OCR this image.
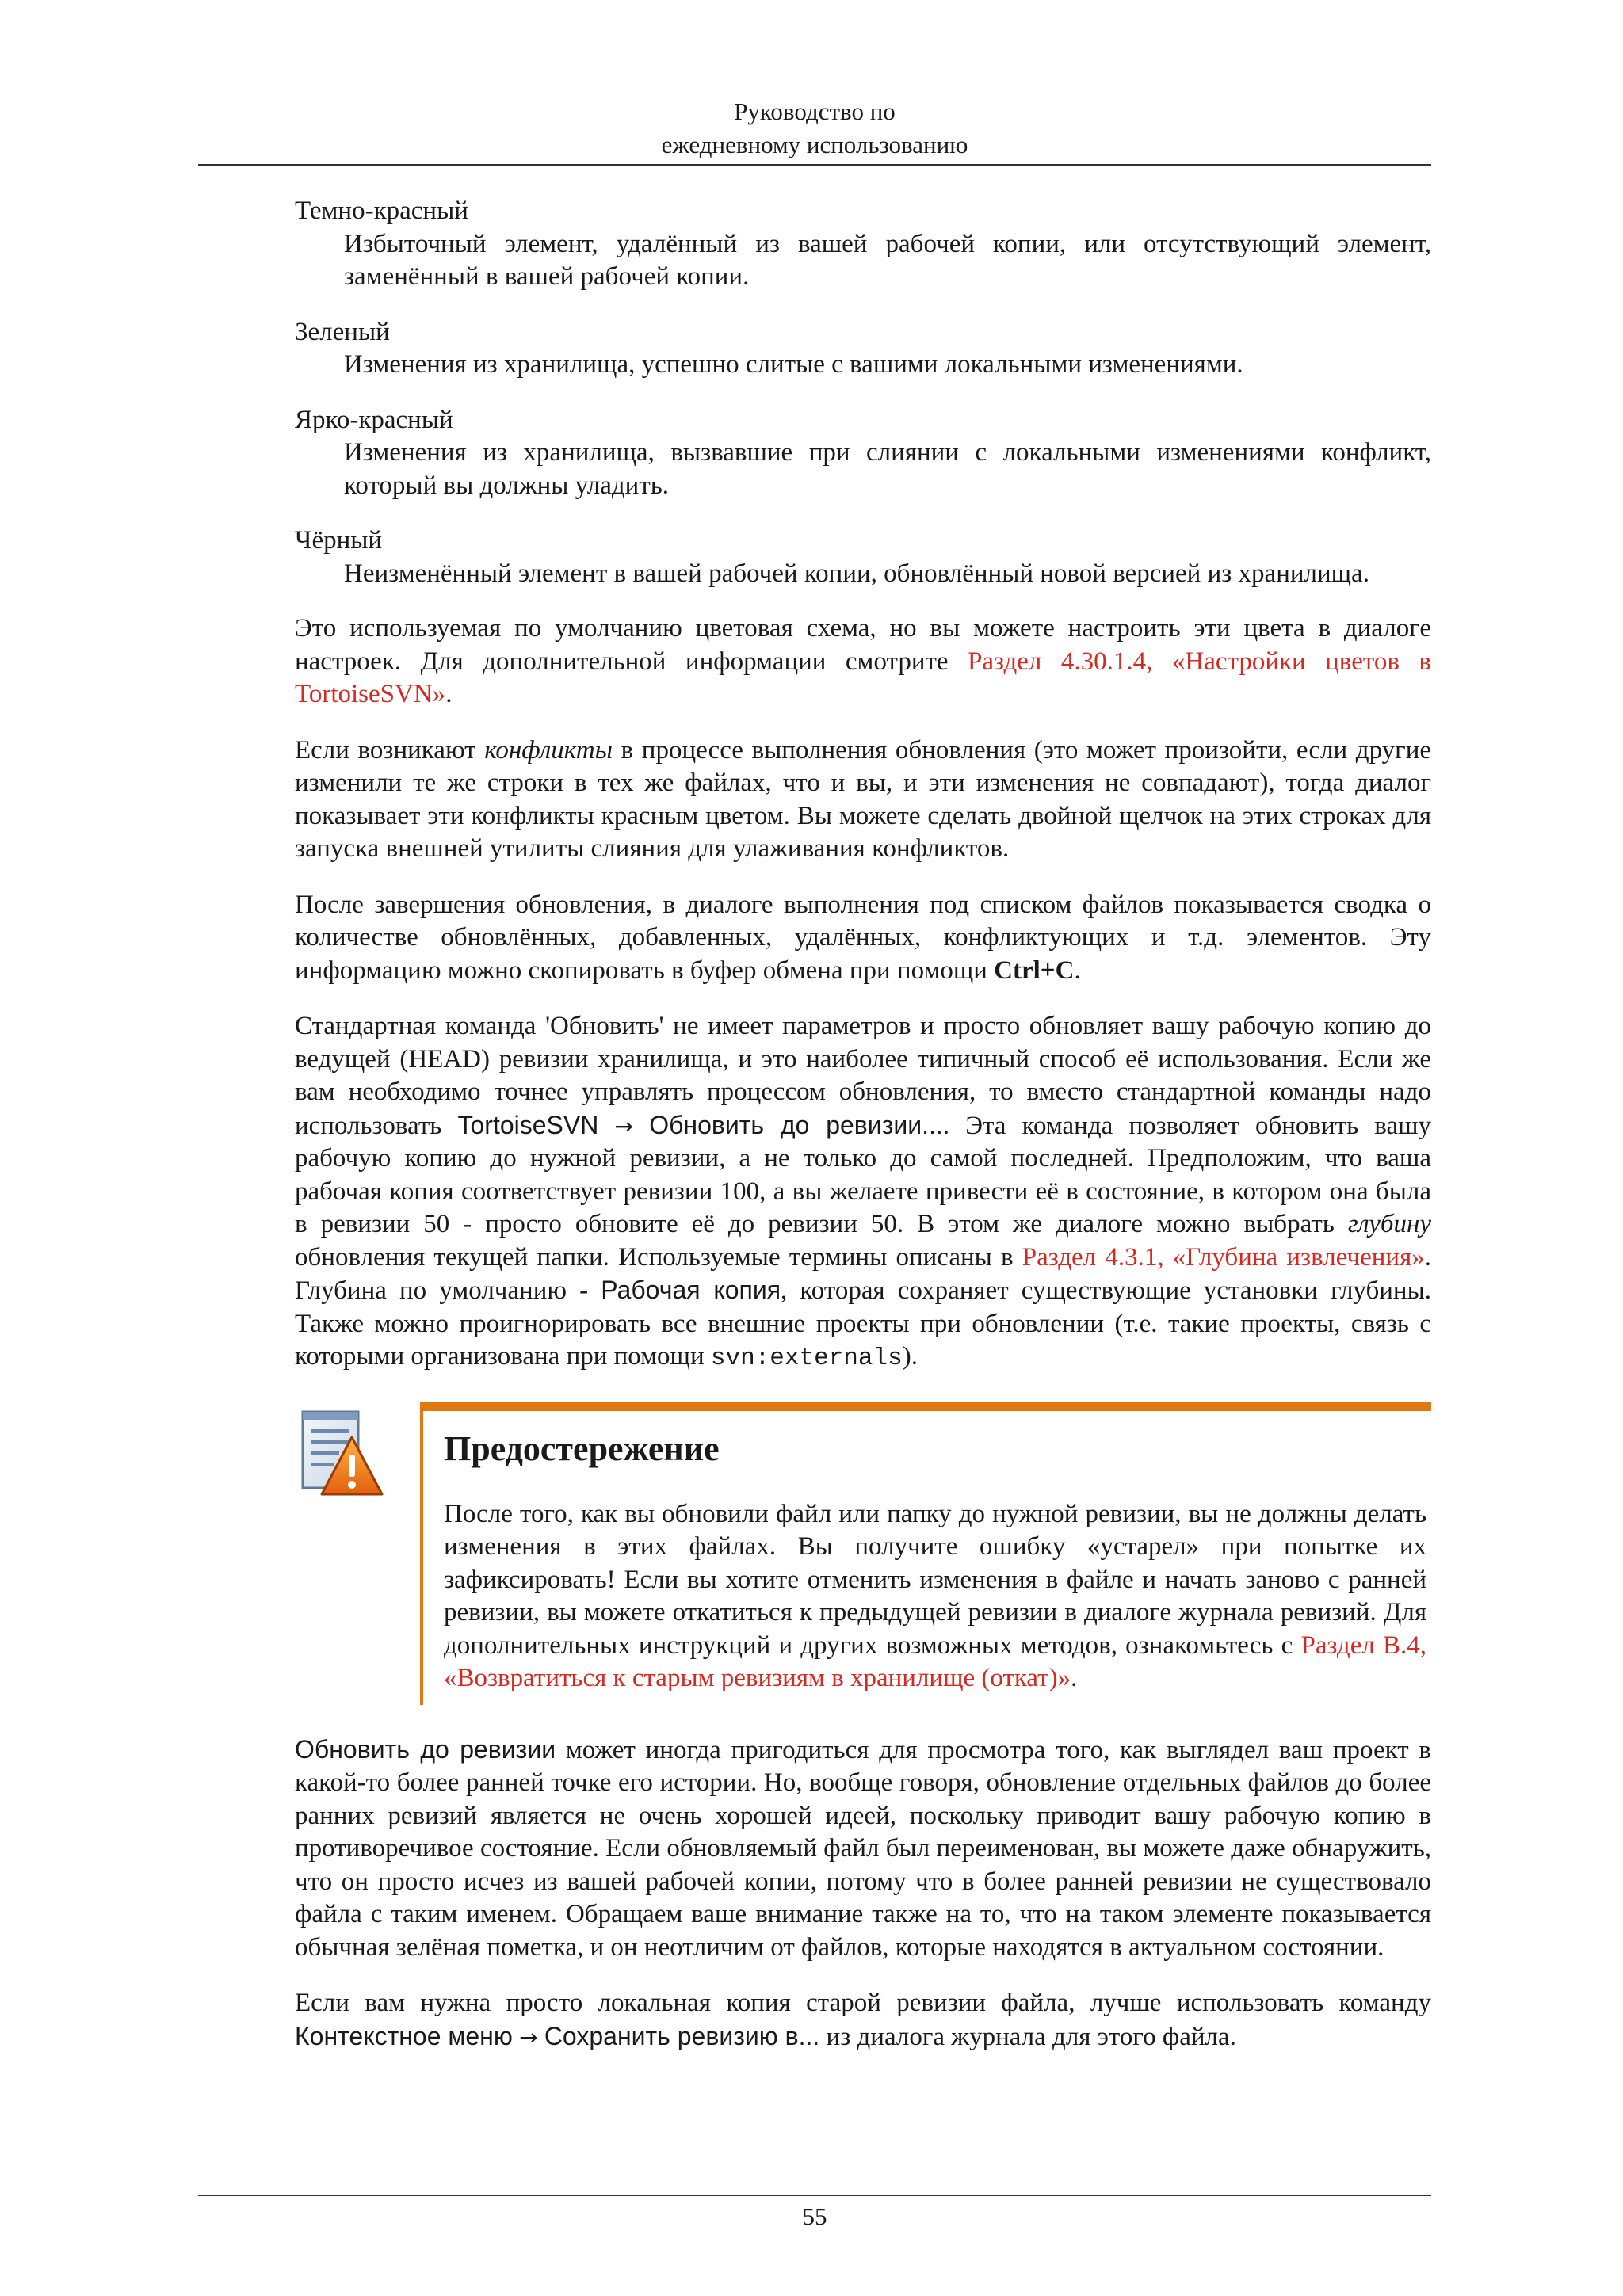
Руководство по
ежедневному использованию
Темно-красный
Избыточный элемент, удалённый из вашей рабочей копии, или отсутствующий элемент, заменённый в вашей рабочей копии.
Зеленый
Изменения из хранилища, успешно слитые с вашими локальными изменениями.
Ярко-красный
Изменения из хранилища, вызвавшие при слиянии с локальными изменениями конфликт, который вы должны уладить.
Чёрный
Неизменённый элемент в вашей рабочей копии, обновлённый новой версией из хранилища.

Это используемая по умолчанию цветовая схема, но вы можете настроить эти цвета в диалоге настроек. Для дополнительной информации смотрите Раздел 4.30.1.4, «Настройки цветов в TortoiseSVN».

Если возникают конфликты в процессе выполнения обновления (это может произойти, если другие изменили те же строки в тех же файлах, что и вы, и эти изменения не совпадают), тогда диалог показывает эти конфликты красным цветом. Вы можете сделать двойной щелчок на этих строках для запуска внешней утилиты слияния для улаживания конфликтов.

После завершения обновления, в диалоге выполнения под списком файлов показывается сводка о количестве обновлённых, добавленных, удалённых, конфликтующих и т.д. элементов. Эту информацию можно скопировать в буфер обмена при помощи Ctrl+C.

Стандартная команда 'Обновить' не имеет параметров и просто обновляет вашу рабочую копию до ведущей (HEAD) ревизии хранилища, и это наиболее типичный способ её использования. Если же вам необходимо точнее управлять процессом обновления, то вместо стандартной команды надо использовать TortoiseSVN → Обновить до ревизии.... Эта команда позволяет обновить вашу рабочую копию до нужной ревизии, а не только до самой последней. Предположим, что ваша рабочая копия соответствует ревизии 100, а вы желаете привести её в состояние, в котором она была в ревизии 50 - просто обновите её до ревизии 50. В этом же диалоге можно выбрать глубину обновления текущей папки. Используемые термины описаны в Раздел 4.3.1, «Глубина извлечения». Глубина по умолчанию - Рабочая копия, которая сохраняет существующие установки глубины. Также можно проигнорировать все внешние проекты при обновлении (т.е. такие проекты, связь с которыми организована при помощи svn:externals).

Предостережение
После того, как вы обновили файл или папку до нужной ревизии, вы не должны делать изменения в этих файлах. Вы получите ошибку «устарел» при попытке их зафиксировать! Если вы хотите отменить изменения в файле и начать заново с ранней ревизии, вы можете откатиться к предыдущей ревизии в диалоге журнала ревизий. Для дополнительных инструкций и других возможных методов, ознакомьтесь с Раздел B.4, «Возвратиться к старым ревизиям в хранилище (откат)».

Обновить до ревизии может иногда пригодиться для просмотра того, как выглядел ваш проект в какой-то более ранней точке его истории. Но, вообще говоря, обновление отдельных файлов до более ранних ревизий является не очень хорошей идеей, поскольку приводит вашу рабочую копию в противоречивое состояние. Если обновляемый файл был переименован, вы можете даже обнаружить, что он просто исчез из вашей рабочей копии, потому что в более ранней ревизии не существовало файла с таким именем. Обращаем ваше внимание также на то, что на таком элементе показывается обычная зелёная пометка, и он неотличим от файлов, которые находятся в актуальном состоянии.

Если вам нужна просто локальная копия старой ревизии файла, лучше использовать команду Контекстное меню → Сохранить ревизию в... из диалога журнала для этого файла.

55
